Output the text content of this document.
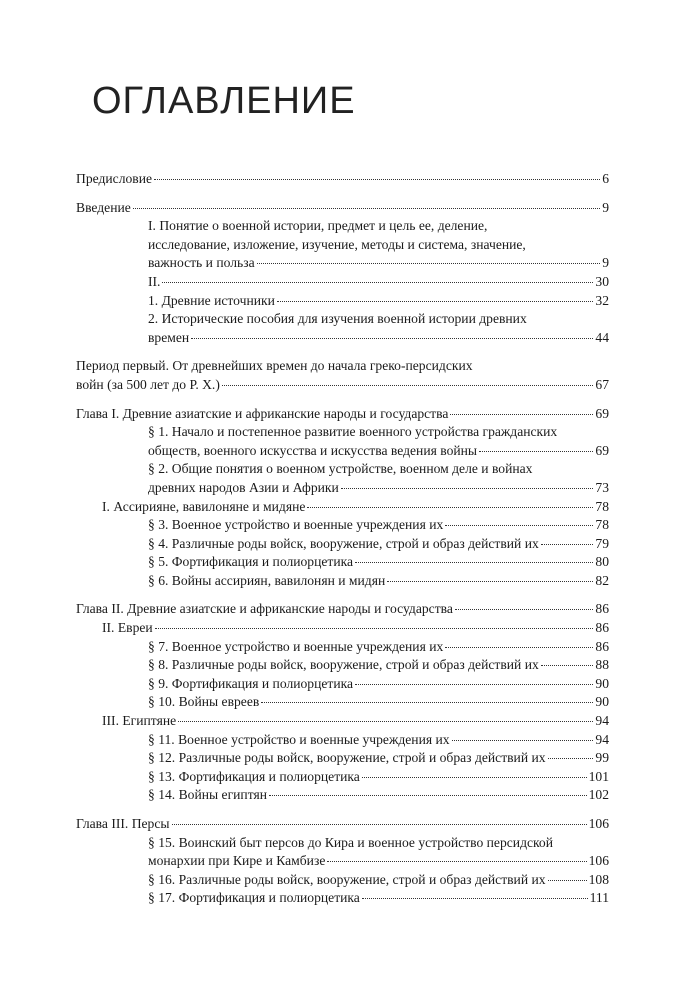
ОГЛАВЛЕНИЕ
Предисловие	6
Введение	9
I. Понятие о военной истории, предмет и цель ее, деление,
исследование, изложение, изучение, методы и система, значение,
важность и польза	9
II.	30
1. Древние источники	32
2. Исторические пособия для изучения военной истории древних
времен	44
Период первый. От древнейших времен до начала греко-персидских
войн (за 500 лет до Р. Х.)	67
Глава I. Древние азиатские и африканские народы и государства	69
§ 1. Начало и постепенное развитие военного устройства гражданских
обществ, военного искусства и искусства ведения войны	69
§ 2. Общие понятия о военном устройстве, военном деле и войнах
древних народов Азии и Африки	73
I. Ассирияне, вавилоняне и мидяне	78
§ 3. Военное устройство и военные учреждения их	78
§ 4. Различные роды войск, вооружение, строй и образ действий их	79
§ 5. Фортификация и полиорцетика	80
§ 6. Войны ассириян, вавилонян и мидян	82
Глава II. Древние азиатские и африканские народы и государства	86
II. Евреи	86
§ 7. Военное устройство и военные учреждения их	86
§ 8. Различные роды войск, вооружение, строй и образ действий их	88
§ 9. Фортификация и полиорцетика	90
§ 10. Войны евреев	90
III. Египтяне	94
§ 11. Военное устройство и военные учреждения их	94
§ 12. Различные роды войск, вооружение, строй и образ действий их	99
§ 13. Фортификация и полиорцетика	101
§ 14. Войны египтян	102
Глава III. Персы	106
§ 15. Воинский быт персов до Кира и военное устройство персидской
монархии при Кире и Камбизе	106
§ 16. Различные роды войск, вооружение, строй и образ действий их	108
§ 17. Фортификация и полиорцетика	111
